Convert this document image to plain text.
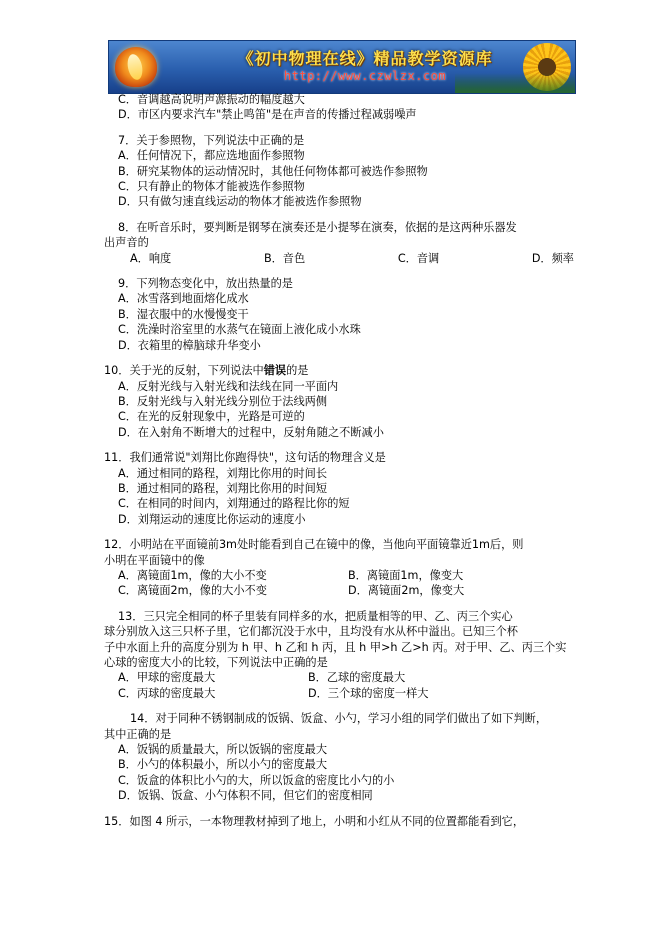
《初中物理在线》精品教学资源库
http://www.czwlzx.com
C．音调越高说明声源振动的幅度越大
D．市区内要求汽车"禁止鸣笛"是在声音的传播过程减弱噪声
7．关于参照物，下列说法中正确的是
A．任何情况下，都应选地面作参照物
B．研究某物体的运动情况时，其他任何物体都可被选作参照物
C．只有静止的物体才能被选作参照物
D．只有做匀速直线运动的物体才能被选作参照物
8．在听音乐时，要判断是钢琴在演奏还是小提琴在演奏，依据的是这两种乐器发
出声音的
A．响度	B．音色	C．音调	D．频率
9．下列物态变化中，放出热量的是
A．冰雪落到地面熔化成水
B．湿衣服中的水慢慢变干
C．洗澡时浴室里的水蒸气在镜面上液化成小水珠
D．衣箱里的樟脑球升华变小
10．关于光的反射，下列说法中错误的是
A．反射光线与入射光线和法线在同一平面内
B．反射光线与入射光线分别位于法线两侧
C．在光的反射现象中，光路是可逆的
D．在入射角不断增大的过程中，反射角随之不断减小
11．我们通常说"刘翔比你跑得快"，这句话的物理含义是
A．通过相同的路程，刘翔比你用的时间长
B．通过相同的路程，刘翔比你用的时间短
C．在相同的时间内，刘翔通过的路程比你的短
D．刘翔运动的速度比你运动的速度小
12．小明站在平面镜前3m处时能看到自己在镜中的像，当他向平面镜靠近1m后，则
小明在平面镜中的像
A．离镜面1m，像的大小不变	B．离镜面1m，像变大
C．离镜面2m，像的大小不变	D．离镜面2m，像变大
13．三只完全相同的杯子里装有同样多的水，把质量相等的甲、乙、丙三个实心
球分别放入这三只杯子里，它们都沉没于水中，且均没有水从杯中溢出。已知三个杯
子中水面上升的高度分别为 h 甲、h 乙和 h 丙，且 h 甲>h 乙>h 丙。对于甲、乙、丙三个实
心球的密度大小的比较，下列说法中正确的是
A．甲球的密度最大	B．乙球的密度最大
C．丙球的密度最大	D．三个球的密度一样大
14．对于同种不锈钢制成的饭锅、饭盒、小勺，学习小组的同学们做出了如下判断，
其中正确的是
A．饭锅的质量最大，所以饭锅的密度最大
B．小勺的体积最小，所以小勺的密度最大
C．饭盒的体积比小勺的大，所以饭盒的密度比小勺的小
D．饭锅、饭盒、小勺体积不同，但它们的密度相同
15．如图 4 所示，一本物理教材掉到了地上，小明和小红从不同的位置都能看到它，
